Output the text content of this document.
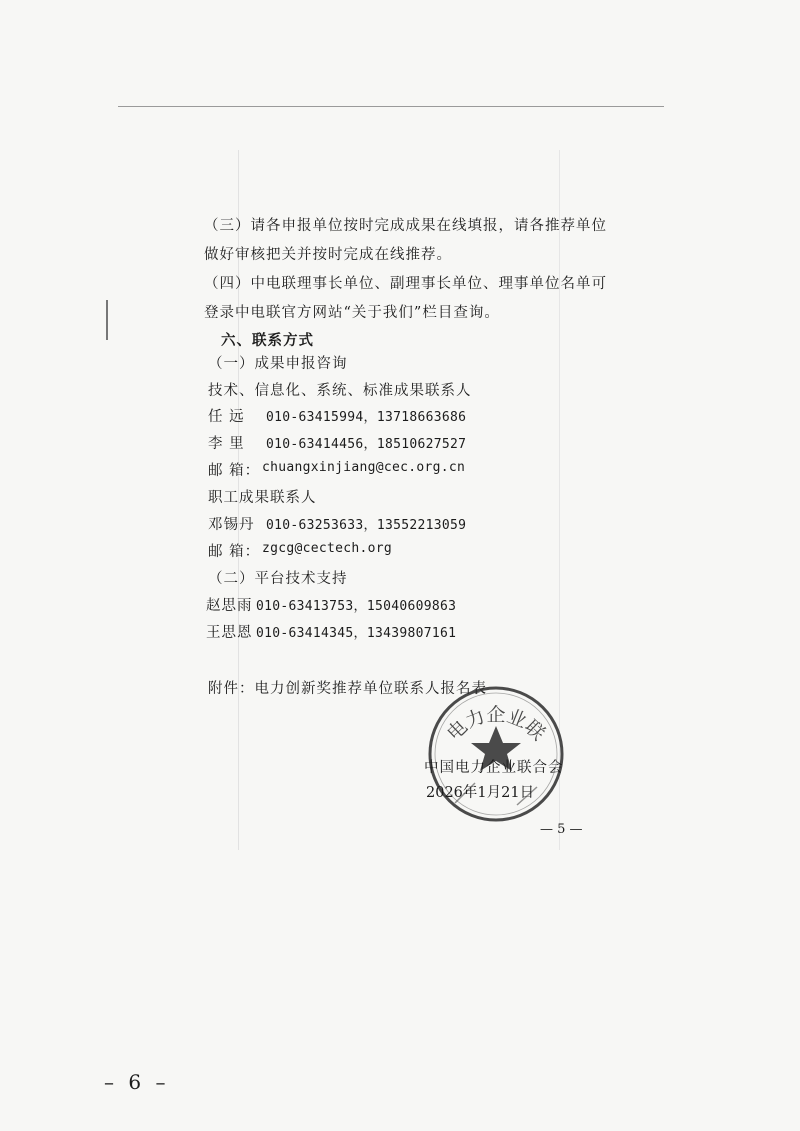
（三）请各申报单位按时完成成果在线填报，请各推荐单位
做好审核把关并按时完成在线推荐。
（四）中电联理事长单位、副理事长单位、理事单位名单可
登录中电联官方网站“关于我们”栏目查询。
六、联系方式
（一）成果申报咨询
技术、信息化、系统、标准成果联系人
任 远 010-63415994，13718663686
李 里 010-63414456，18510627527
邮 箱： chuangxinjiang@cec.org.cn
职工成果联系人
邓锡丹 010-63253633，13552213059
邮 箱： zgcg@cectech.org
（二）平台技术支持
赵思雨 010-63413753，15040609863
王思恩 010-63414345，13439807161
附件：电力创新奖推荐单位联系人报名表
电力企业联
中国电力企业联合会
2026年1月21日
— 5 —

– 6 –
